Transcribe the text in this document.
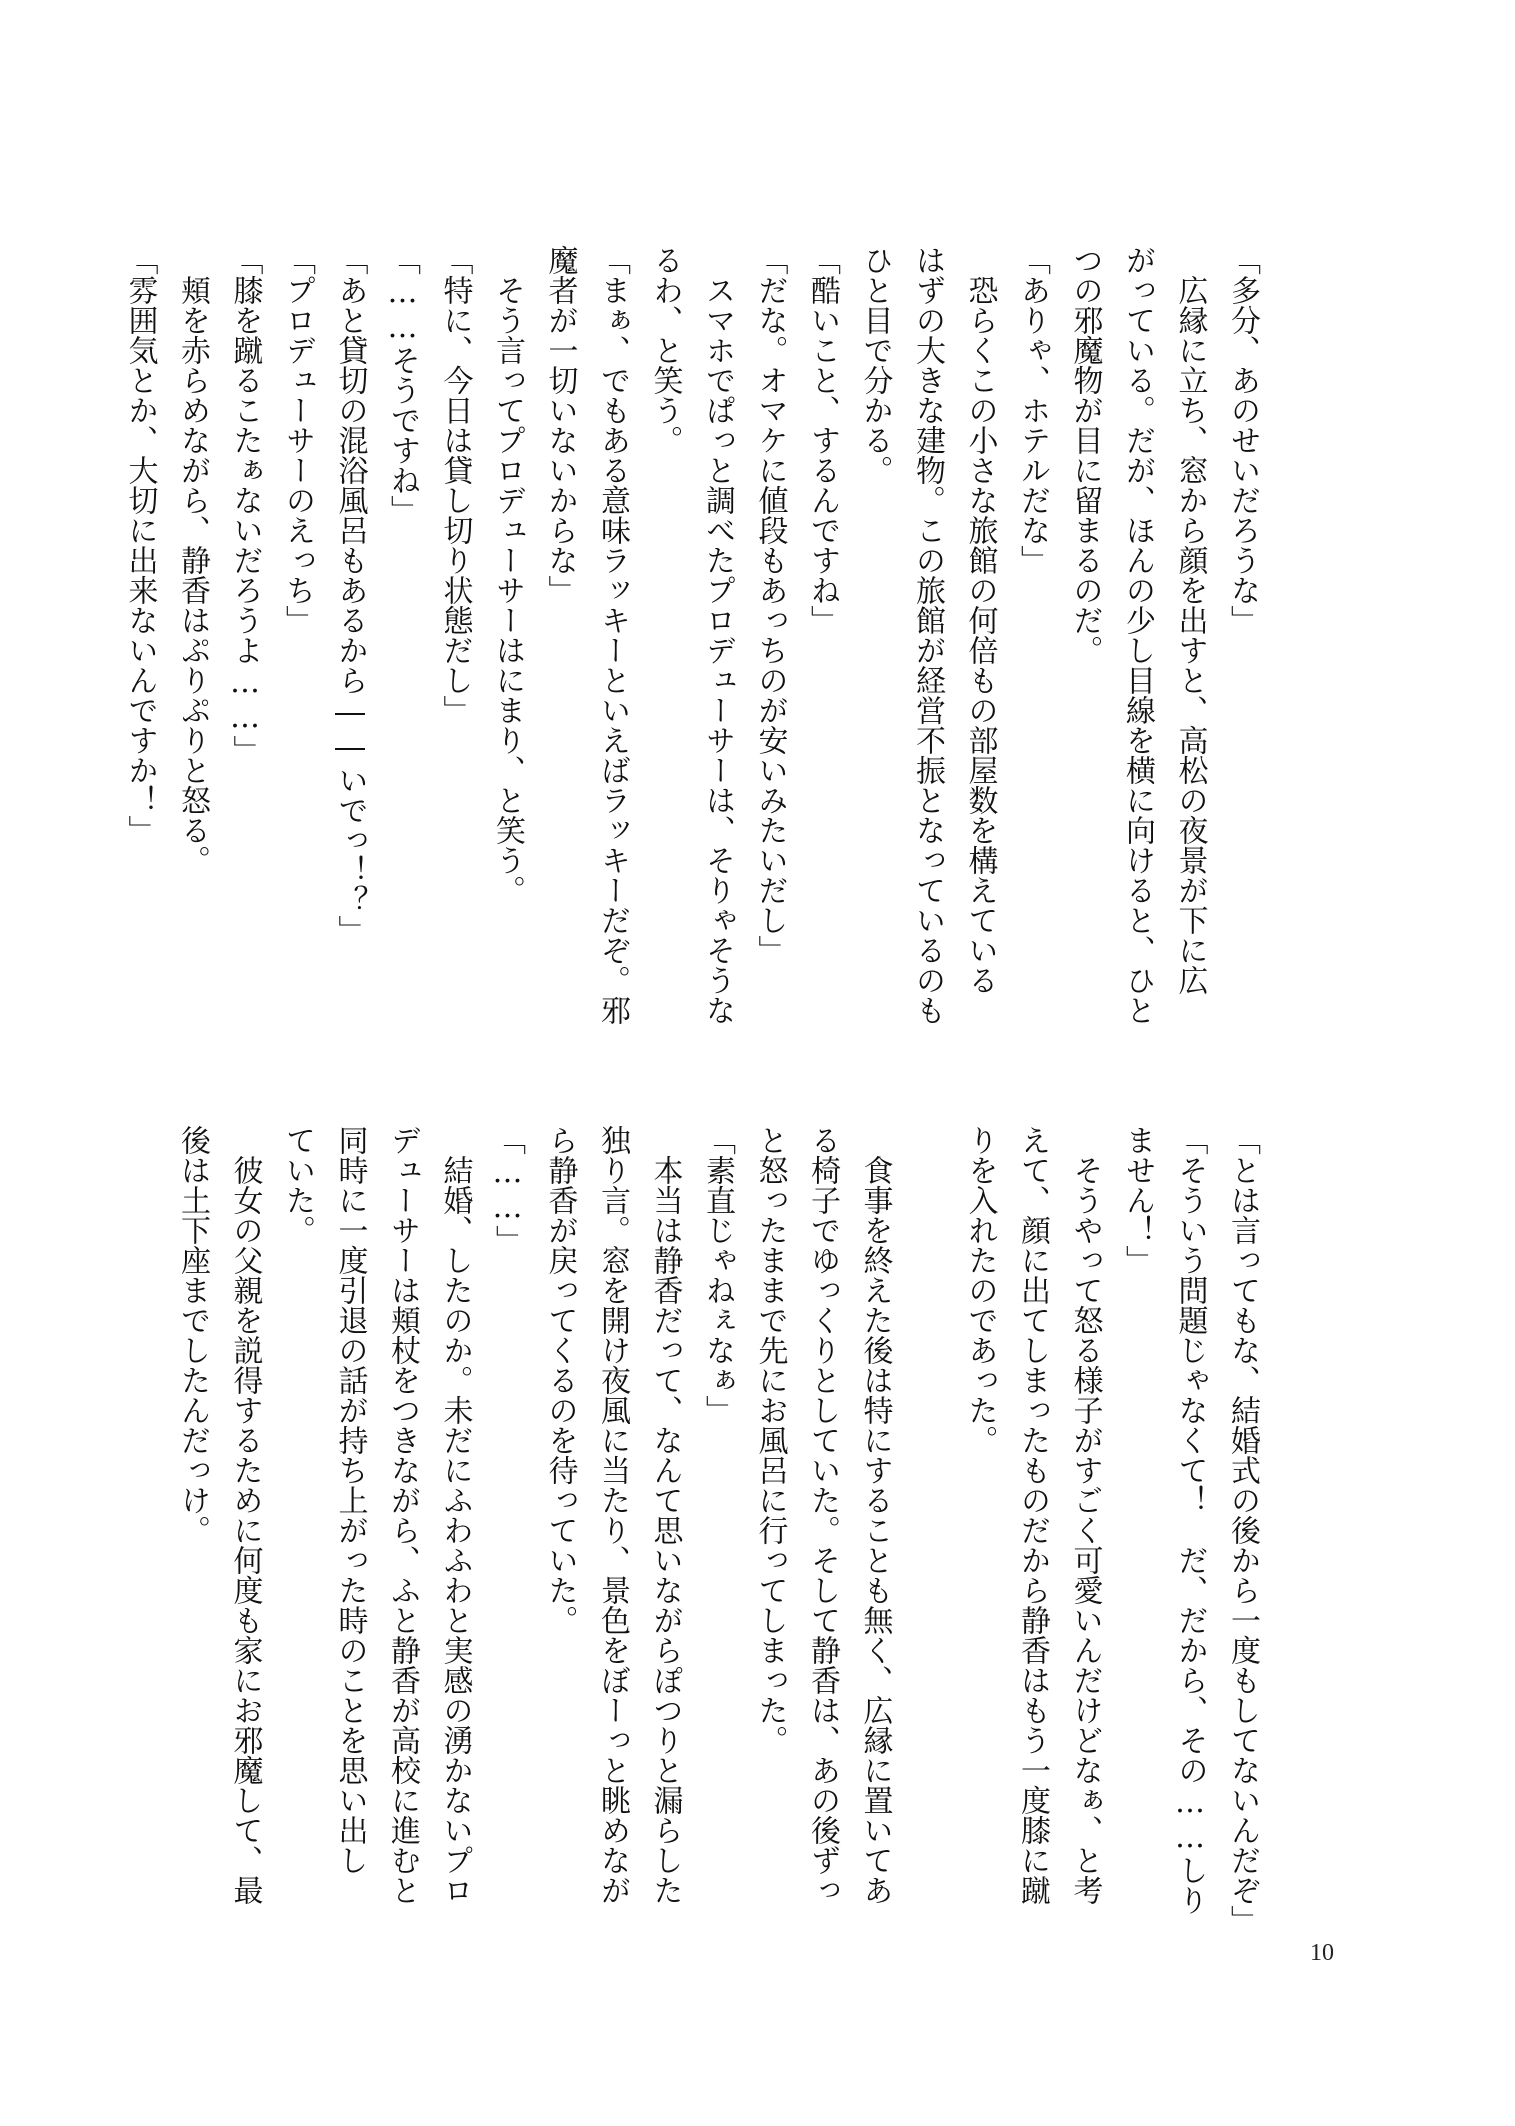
「多分、あのせいだろうな」
　広縁に立ち、窓から顔を出すと、高松の夜景が下に広
がっている。だが、ほんの少し目線を横に向けると、ひと
つの邪魔物が目に留まるのだ。
「ありゃ、ホテルだな」
　恐らくこの小さな旅館の何倍もの部屋数を構えている
はずの大きな建物。この旅館が経営不振となっているのも
ひと目で分かる。
「酷いこと、するんですね」
「だな。オマケに値段もあっちのが安いみたいだし」
　スマホでぱっと調べたプロデューサーは、そりゃそうな
るわ、と笑う。
「まぁ、でもある意味ラッキーといえばラッキーだぞ。邪
魔者が一切いないからな」
　そう言ってプロデューサーはにまり、と笑う。
「特に、今日は貸し切り状態だし」
「……そうですね」
「あと貸切の混浴風呂もあるから――いでっ！？」
「プロデューサーのえっち」
「膝を蹴るこたぁないだろうよ……」
　頬を赤らめながら、静香はぷりぷりと怒る。
「雰囲気とか、大切に出来ないんですか！」
「とは言ってもな、結婚式の後から一度もしてないんだぞ」
「そういう問題じゃなくて！　だ、だから、その……しり
ません！」
　そうやって怒る様子がすごく可愛いんだけどなぁ、と考
えて、顔に出てしまったものだから静香はもう一度膝に蹴
りを入れたのであった。

　食事を終えた後は特にすることも無く、広縁に置いてあ
る椅子でゆっくりとしていた。そして静香は、あの後ずっ
と怒ったままで先にお風呂に行ってしまった。
「素直じゃねぇなぁ」
　本当は静香だって、なんて思いながらぽつりと漏らした
独り言。窓を開け夜風に当たり、景色をぼーっと眺めなが
ら静香が戻ってくるのを待っていた。
「……」
　結婚、したのか。未だにふわふわと実感の湧かないプロ
デューサーは頬杖をつきながら、ふと静香が高校に進むと
同時に一度引退の話が持ち上がった時のことを思い出し
ていた。
　彼女の父親を説得するために何度も家にお邪魔して、最
後は土下座までしたんだっけ。
10
